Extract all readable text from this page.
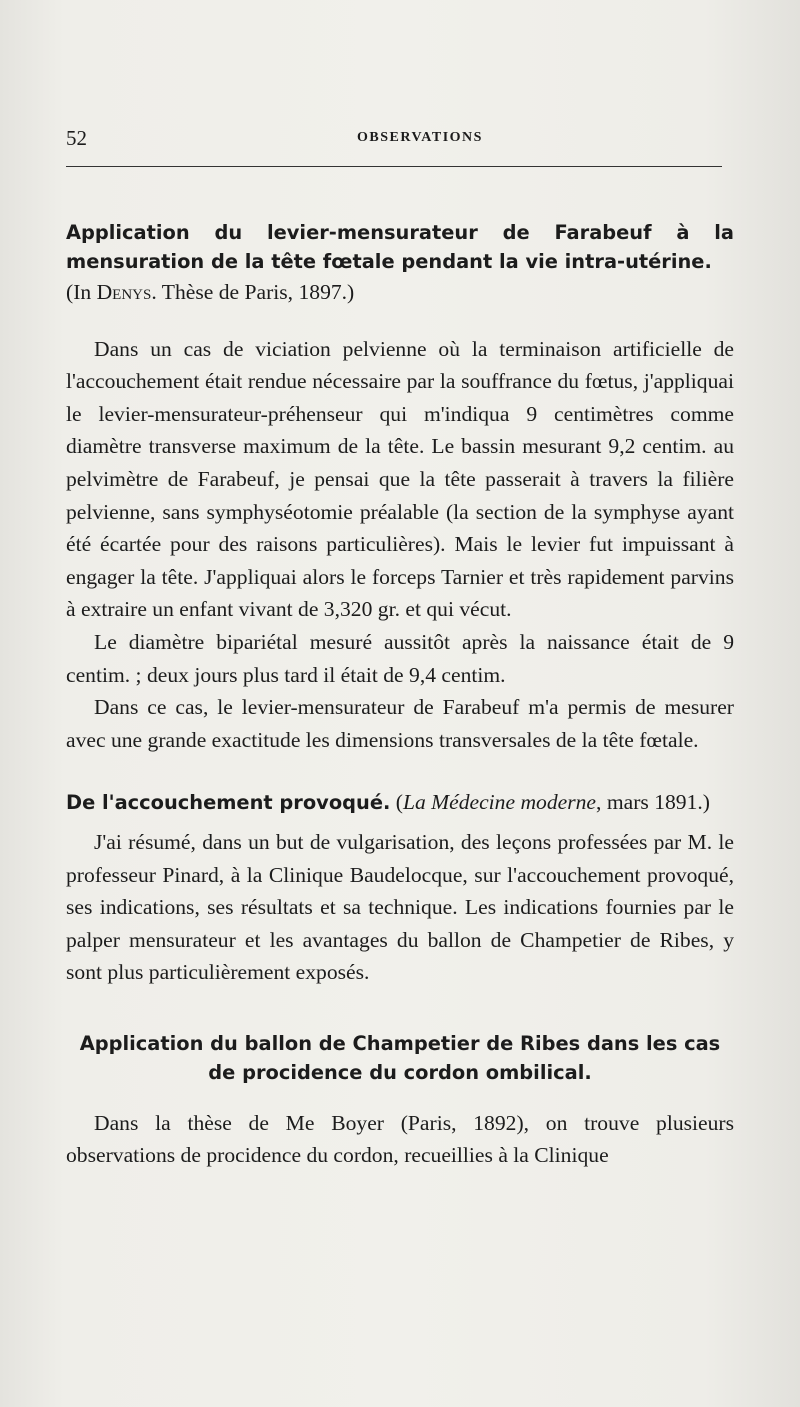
52	OBSERVATIONS

Application du levier-mensurateur de Farabeuf à la mensuration de la tête fœtale pendant la vie intra-utérine.

(In Denys. Thèse de Paris, 1897.)

Dans un cas de viciation pelvienne où la terminaison artificielle de l'accouchement était rendue nécessaire par la souffrance du fœtus, j'appliquai le levier-mensurateur-préhenseur qui m'indiqua 9 centimètres comme diamètre transverse maximum de la tête. Le bassin mesurant 9,2 centim. au pelvimètre de Farabeuf, je pensai que la tête passerait à travers la filière pelvienne, sans symphyséotomie préalable (la section de la symphyse ayant été écartée pour des raisons particulières). Mais le levier fut impuissant à engager la tête. J'appliquai alors le forceps Tarnier et très rapidement parvins à extraire un enfant vivant de 3,320 gr. et qui vécut.

Le diamètre bipariétal mesuré aussitôt après la naissance était de 9 centim. ; deux jours plus tard il était de 9,4 centim.

Dans ce cas, le levier-mensurateur de Farabeuf m'a permis de mesurer avec une grande exactitude les dimensions transversales de la tête fœtale.

De l'accouchement provoqué. (La Médecine moderne, mars 1891.)

J'ai résumé, dans un but de vulgarisation, des leçons professées par M. le professeur Pinard, à la Clinique Baudelocque, sur l'accouchement provoqué, ses indications, ses résultats et sa technique. Les indications fournies par le palper mensurateur et les avantages du ballon de Champetier de Ribes, y sont plus particulièrement exposés.

Application du ballon de Champetier de Ribes dans les cas de procidence du cordon ombilical.

Dans la thèse de Me Boyer (Paris, 1892), on trouve plusieurs observations de procidence du cordon, recueillies à la Clinique
